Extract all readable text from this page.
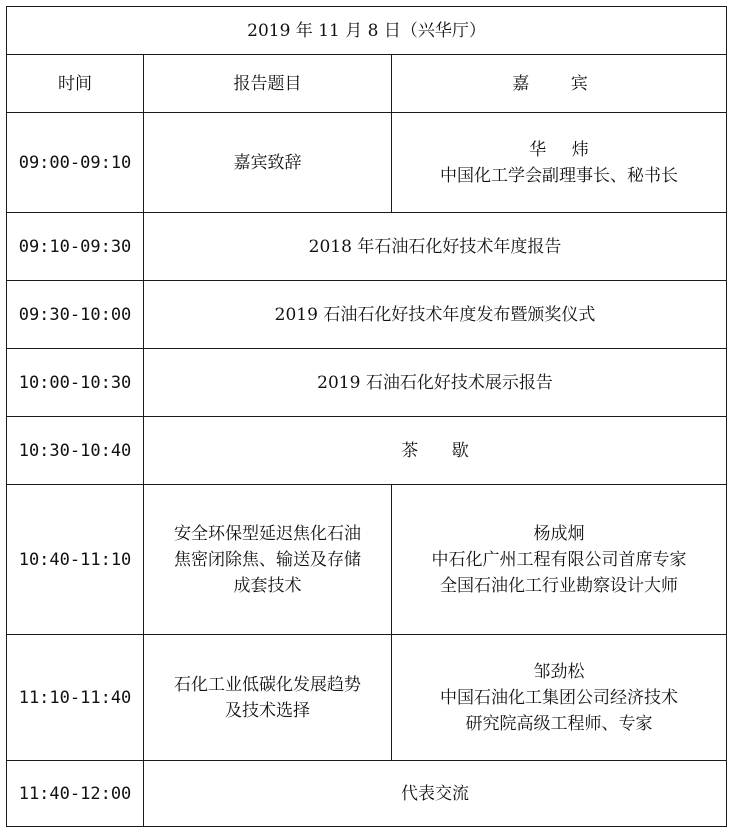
2019 年 11 月 8 日（兴华厅）		
时间	报告题目	嘉 宾
09:00-09:10	嘉宾致辞	华 炜
中国化工学会副理事长、秘书长

09:10-09:30	2018 年石油石化好技术年度报告	
09:30-10:00	2019 石油石化好技术年度发布暨颁奖仪式	
10:00-10:30	2019 石油石化好技术展示报告	
10:30-10:40	茶 歇	
10:40-11:10	安全环保型延迟焦化石油
焦密闭除焦、输送及存储
成套技术	杨成炯
中石化广州工程有限公司首席专家
全国石油化工行业勘察设计大师

11:10-11:40	石化工业低碳化发展趋势
及技术选择	邹劲松
中国石油化工集团公司经济技术
研究院高级工程师、专家

11:40-12:00	代表交流	
